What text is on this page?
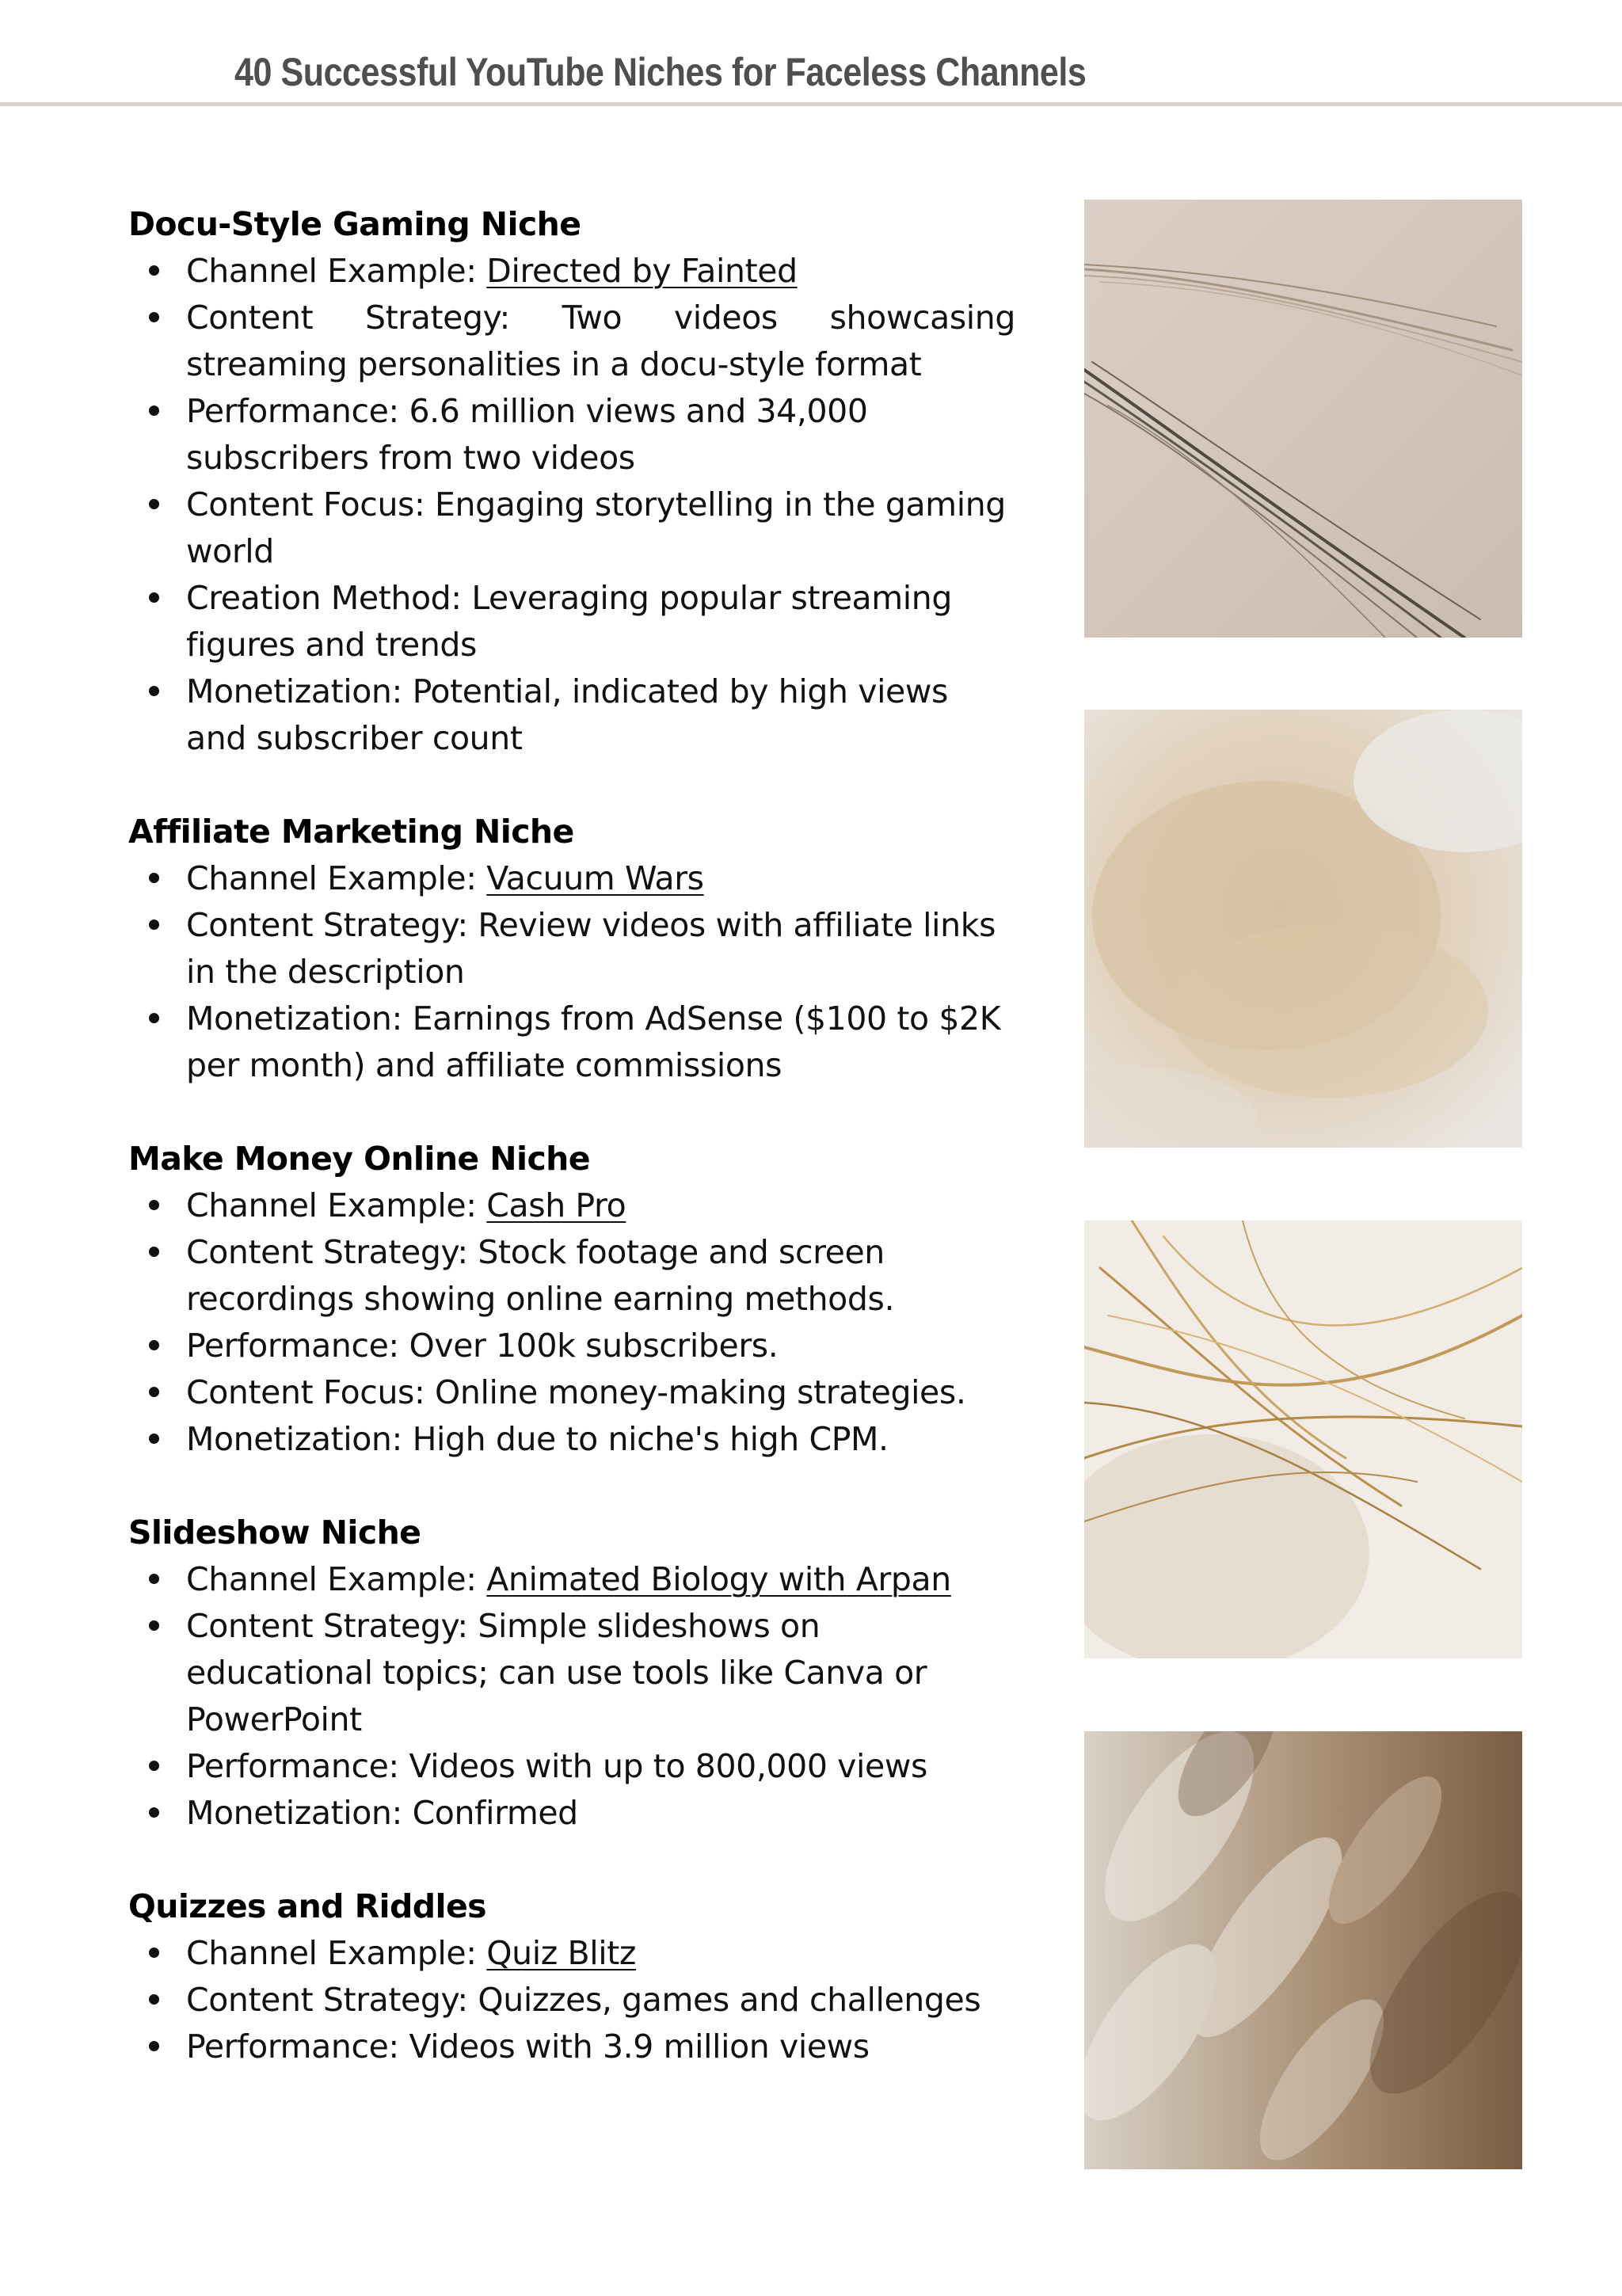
40 Successful YouTube Niches for Faceless Channels
Docu-Style Gaming Niche
Channel Example: Directed by Fainted
Content Strategy: Two videos showcasing streaming personalities in a docu-style format
Performance: 6.6 million views and 34,000 subscribers from two videos
Content Focus: Engaging storytelling in the gaming world
Creation Method: Leveraging popular streaming figures and trends
Monetization: Potential, indicated by high views and subscriber count
Affiliate Marketing Niche
Channel Example: Vacuum Wars
Content Strategy: Review videos with affiliate links in the description
Monetization: Earnings from AdSense ($100 to $2K per month) and affiliate commissions
Make Money Online Niche
Channel Example: Cash Pro
Content Strategy: Stock footage and screen recordings showing online earning methods.
Performance: Over 100k subscribers.
Content Focus: Online money-making strategies.
Monetization: High due to niche's high CPM.
Slideshow Niche
Channel Example: Animated Biology with Arpan
Content Strategy: Simple slideshows on educational topics; can use tools like Canva or PowerPoint
Performance: Videos with up to 800,000 views
Monetization: Confirmed
Quizzes and Riddles
Channel Example: Quiz Blitz
Content Strategy: Quizzes, games and challenges
Performance: Videos with 3.9 million views
